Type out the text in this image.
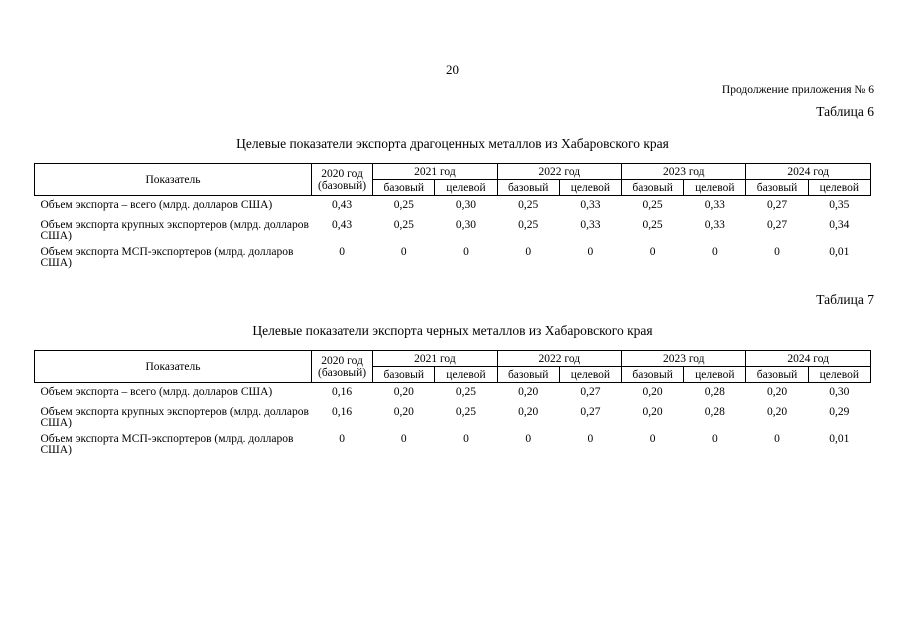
20
Продолжение приложения № 6
Таблица 6
Целевые показатели экспорта драгоценных металлов из Хабаровского края
Показатель	2020 год (базовый)	2021 год		2022 год		2023 год		2024 год	
		базовый	целевой	базовый	целевой	базовый	целевой	базовый	целевой

Объем экспорта – всего (млрд. долларов США)	0,43	0,25	0,30	0,25	0,33	0,25	0,33	0,27	0,35
Объем экспорта крупных экспортеров (млрд. долларов США)	0,43	0,25	0,30	0,25	0,33	0,25	0,33	0,27	0,34
Объем экспорта МСП-экспортеров (млрд. долларов США)	0	0	0	0	0	0	0	0	0,01
Таблица 7
Целевые показатели экспорта черных металлов из Хабаровского края
Показатель	2020 год (базовый)	2021 год		2022 год		2023 год		2024 год	
		базовый	целевой	базовый	целевой	базовый	целевой	базовый	целевой

Объем экспорта – всего (млрд. долларов США)	0,16	0,20	0,25	0,20	0,27	0,20	0,28	0,20	0,30
Объем экспорта крупных экспортеров (млрд. долларов США)	0,16	0,20	0,25	0,20	0,27	0,20	0,28	0,20	0,29
Объем экспорта МСП-экспортеров (млрд. долларов США)	0	0	0	0	0	0	0	0	0,01
